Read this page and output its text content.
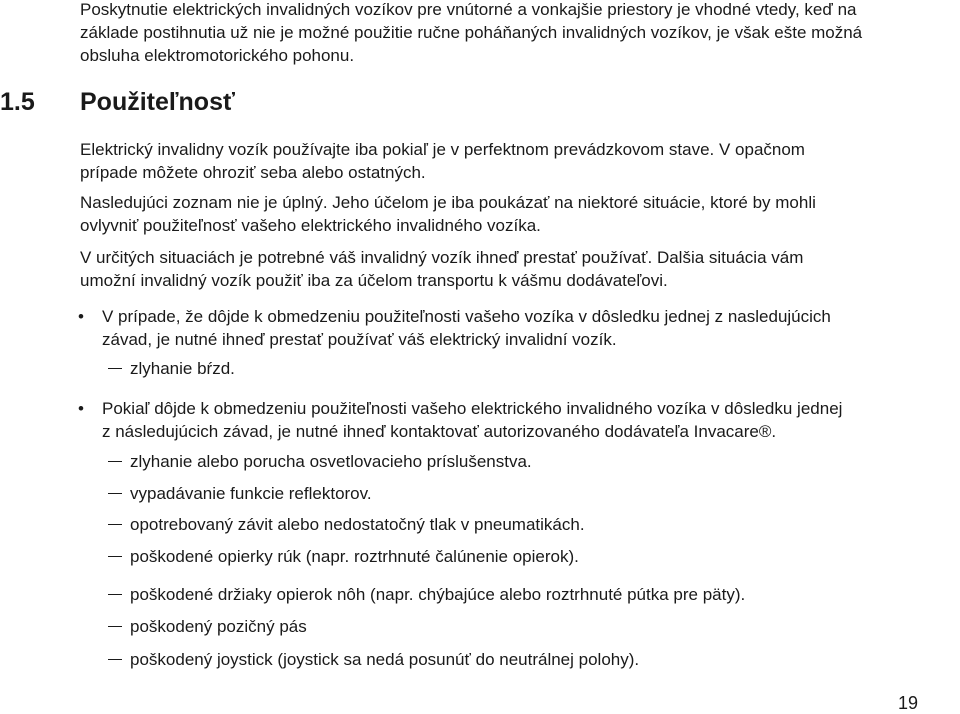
Poskytnutie elektrických invalidných vozíkov pre vnútorné a vonkajšie priestory je vhodné vtedy, keď na
základe postihnutia už nie je možné použitie ručne poháňaných invalidných vozíkov, je však ešte možná
obsluha elektromotorického pohonu.
1.5	Použiteľnosť
Elektrický invalidny vozík používajte iba pokiaľ je v perfektnom prevádzkovom stave. V opačnom
prípade môžete ohroziť seba alebo ostatných.
Nasledujúci zoznam nie je úplný. Jeho účelom je iba poukázať na niektoré situácie, ktoré by mohli
ovlyvniť použiteľnosť vašeho elektrického invalidného vozíka.
V určitých situaciách je potrebné váš invalidný vozík ihneď prestať používať. Dalšia situácia vám
umožní invalidný vozík použiť iba za účelom transportu k vášmu dodávateľovi.
•	V prípade, že dôjde k obmedzeniu použiteľnosti vašeho vozíka v dôsledku jednej z nasledujúcich
závad, je nutné ihneď prestať používať váš elektrický invalidní vozík.
zlyhanie bŕzd.
•	Pokiaľ dôjde k obmedzeniu použiteľnosti vašeho elektrického invalidného vozíka v dôsledku jednej
z následujúcich závad, je nutné ihneď kontaktovať autorizovaného dodávateľa Invacare®.
zlyhanie alebo porucha osvetlovacieho príslušenstva.
vypadávanie funkcie reflektorov.
opotrebovaný závit alebo nedostatočný tlak v pneumatikách.
poškodené opierky rúk (napr. roztrhnuté čalúnenie opierok).
poškodené držiaky opierok nôh (napr. chýbajúce alebo roztrhnuté pútka pre päty).
poškodený pozičný pás
poškodený joystick (joystick sa nedá posunúť do neutrálnej polohy).
19
